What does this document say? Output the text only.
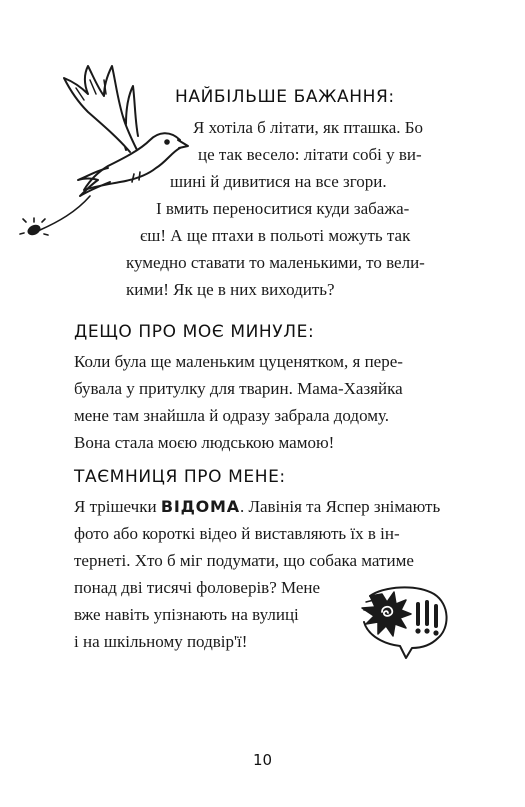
НАЙБІЛЬШЕ БАЖАННЯ:

Я хотіла б літати, як пташка. Бо

це так весело: літати собі у ви-

шині й дивитися на все згори.

І вмить переноситися куди забажа-

єш! А ще птахи в польоті можуть так

кумедно ставати то маленькими, то вели-

кими! Як це в них виходить?

ДЕЩО ПРО МОЄ МИНУЛЕ:

Коли була ще маленьким цуценятком, я пере-

бувала у притулку для тварин. Мама-Хазяйка

мене там знайшла й одразу забрала додому.

Вона стала моєю людською мамою!

ТАЄМНИЦЯ ПРО МЕНЕ:

Я трішечки ВІДОМА. Лавінія та Яспер знімають

фото або короткі відео й виставляють їх в ін-

тернеті. Хто б міг подумати, що собака матиме

понад дві тисячі фоловерів? Мене

вже навіть упізнають на вулиці

і на шкільному подвір'ї!

10
